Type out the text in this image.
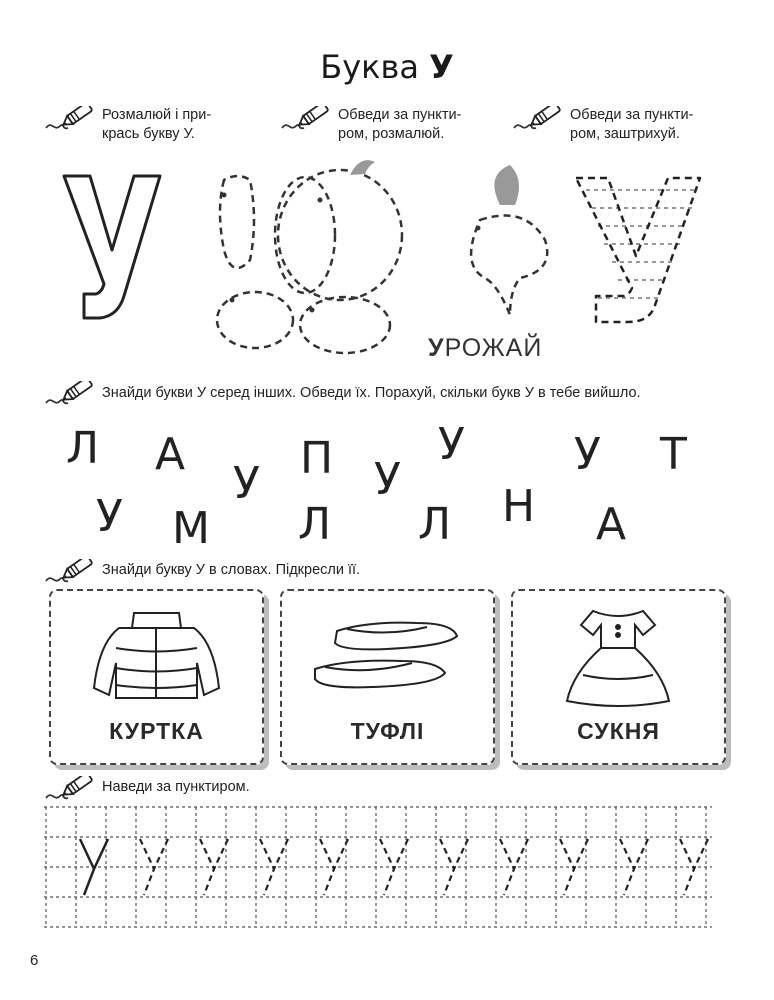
Буква У
Розмалюй і при-
крась букву У.
Обведи за пункти-
ром, розмалюй.
УРОЖАЙ
Обведи за пункти-
ром, заштрихуй.
Знайди букви У серед інших. Обведи їх. Порахуй, скільки букв У в тебе вийшло.
Л А
У П У
У У Т
У М Л Л Н А
Знайди букву У в словах. Підкресли її.
КУРТКА	ТУФЛІ	СУКНЯ
Наведи за пунктиром.
6
